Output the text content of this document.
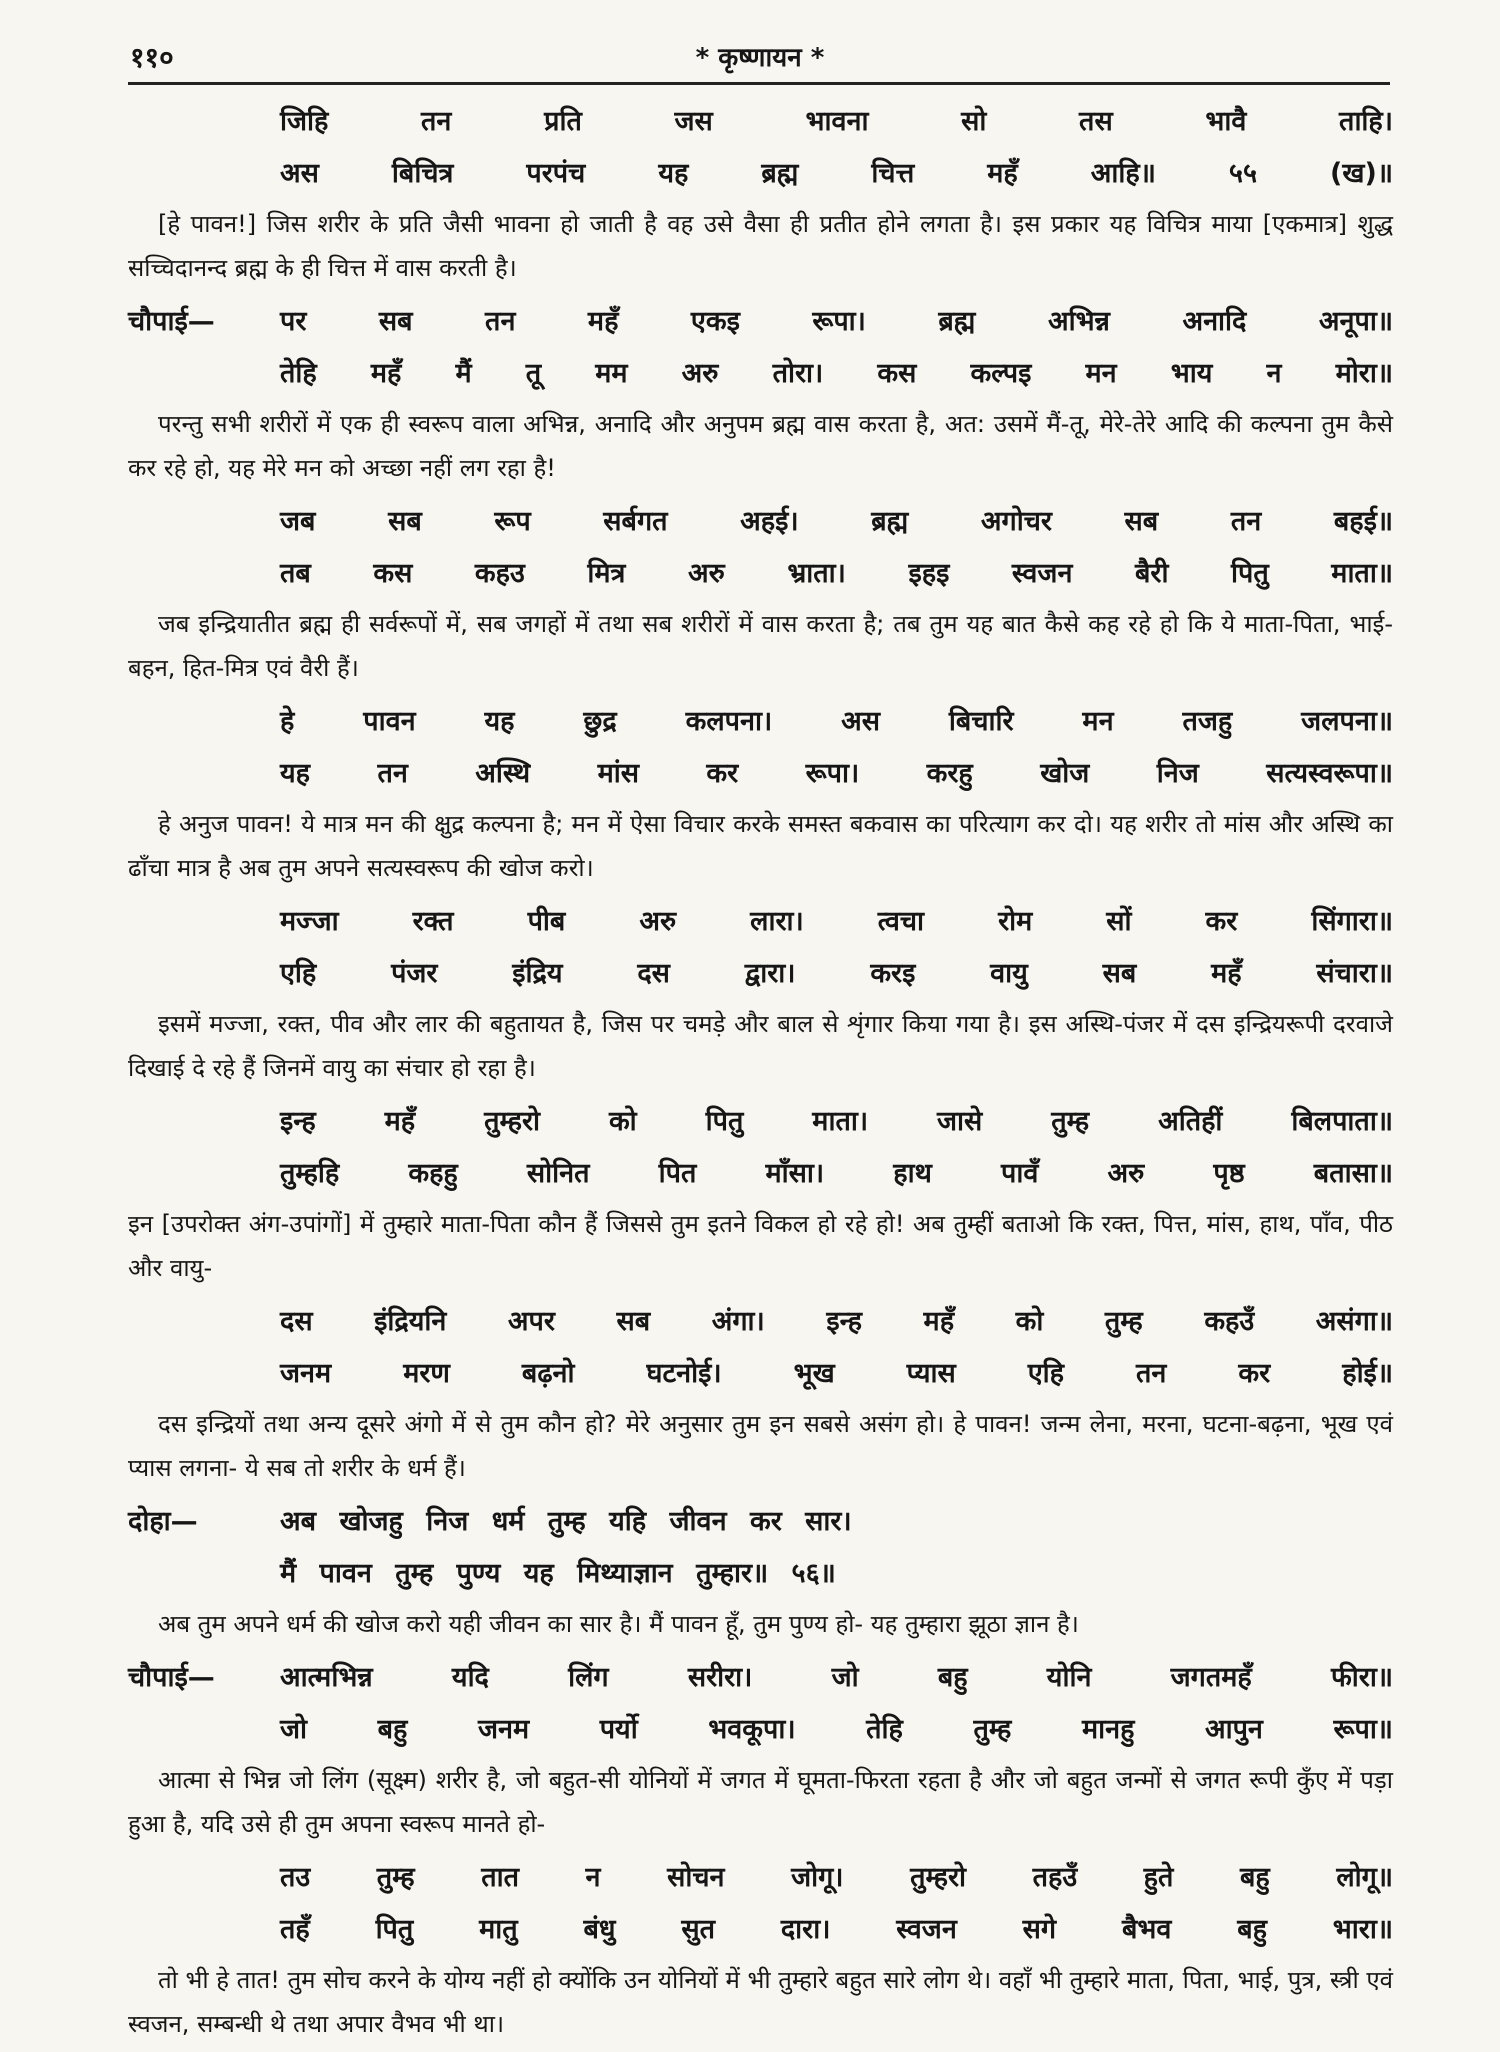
११०	* कृष्णायन *
जिहि तन प्रति जस भावना सो तस भावै ताहि।
अस बिचित्र परपंच यह ब्रह्म चित्त महँ आहि॥ ५५ (ख)॥

[हे पावन!] जिस शरीर के प्रति जैसी भावना हो जाती है वह उसे वैसा ही प्रतीत होने लगता है। इस प्रकार यह विचित्र माया [एकमात्र] शुद्ध सच्चिदानन्द ब्रह्म के ही चित्त में वास करती है।

चौपाई— पर सब तन महँ एकइ रूपा। ब्रह्म अभिन्न अनादि अनूपा॥
तेहि महँ मैं तू मम अरु तोरा। कस कल्पइ मन भाय न मोरा॥

परन्तु सभी शरीरों में एक ही स्वरूप वाला अभिन्न, अनादि और अनुपम ब्रह्म वास करता है, अत: उसमें मैं-तू, मेरे-तेरे आदि की कल्पना तुम कैसे कर रहे हो, यह मेरे मन को अच्छा नहीं लग रहा है!

जब सब रूप सर्बगत अहई। ब्रह्म अगोचर सब तन बहई॥
तब कस कहउ मित्र अरु भ्राता। इहइ स्वजन बैरी पितु माता॥

जब इन्द्रियातीत ब्रह्म ही सर्वरूपों में, सब जगहों में तथा सब शरीरों में वास करता है; तब तुम यह बात कैसे कह रहे हो कि ये माता-पिता, भाई-बहन, हित-मित्र एवं वैरी हैं।

हे पावन यह छुद्र कलपना। अस बिचारि मन तजहु जलपना॥
यह तन अस्थि मांस कर रूपा। करहु खोज निज सत्यस्वरूपा॥

हे अनुज पावन! ये मात्र मन की क्षुद्र कल्पना है; मन में ऐसा विचार करके समस्त बकवास का परित्याग कर दो। यह शरीर तो मांस और अस्थि का ढाँचा मात्र है अब तुम अपने सत्यस्वरूप की खोज करो।

मज्जा रक्त पीब अरु लारा। त्वचा रोम सों कर सिंगारा॥
एहि पंजर इंद्रिय दस द्वारा। करइ वायु सब महँ संचारा॥

इसमें मज्जा, रक्त, पीव और लार की बहुतायत है, जिस पर चमड़े और बाल से शृंगार किया गया है। इस अस्थि-पंजर में दस इन्द्रियरूपी दरवाजे दिखाई दे रहे हैं जिनमें वायु का संचार हो रहा है।

इन्ह महँ तुम्हरो को पितु माता। जासे तुम्ह अतिहीं बिलपाता॥
तुम्हहि कहहु सोनित पित माँसा। हाथ पावँ अरु पृष्ठ बतासा॥

इन [उपरोक्त अंग-उपांगों] में तुम्हारे माता-पिता कौन हैं जिससे तुम इतने विकल हो रहे हो! अब तुम्हीं बताओ कि रक्त, पित्त, मांस, हाथ, पाँव, पीठ और वायु-

दस इंद्रियनि अपर सब अंगा। इन्ह महँ को तुम्ह कहउँ असंगा॥
जनम मरण बढ़नो घटनोई। भूख प्यास एहि तन कर होई॥

दस इन्द्रियों तथा अन्य दूसरे अंगो में से तुम कौन हो? मेरे अनुसार तुम इन सबसे असंग हो। हे पावन! जन्म लेना, मरना, घटना-बढ़ना, भूख एवं प्यास लगना- ये सब तो शरीर के धर्म हैं।

दोहा—	अब खोजहु निज धर्म तुम्ह यहि जीवन कर सार।
मैं पावन तुम्ह पुण्य यह मिथ्याज्ञान तुम्हार॥ ५६॥

अब तुम अपने धर्म की खोज करो यही जीवन का सार है। मैं पावन हूँ, तुम पुण्य हो- यह तुम्हारा झूठा ज्ञान है।

चौपाई— आत्मभिन्न यदि लिंग सरीरा। जो बहु योनि जगतमहँ फीरा॥
जो बहु जनम पर्यो भवकूपा। तेहि तुम्ह मानहु आपुन रूपा॥

आत्मा से भिन्न जो लिंग (सूक्ष्म) शरीर है, जो बहुत-सी योनियों में जगत में घूमता-फिरता रहता है और जो बहुत जन्मों से जगत रूपी कुँए में पड़ा हुआ है, यदि उसे ही तुम अपना स्वरूप मानते हो-

तउ तुम्ह तात न सोचन जोगू। तुम्हरो तहउँ हुते बहु लोगू॥
तहँ पितु मातु बंधु सुत दारा। स्वजन सगे बैभव बहु भारा॥

तो भी हे तात! तुम सोच करने के योग्य नहीं हो क्योंकि उन योनियों में भी तुम्हारे बहुत सारे लोग थे। वहाँ भी तुम्हारे माता, पिता, भाई, पुत्र, स्त्री एवं स्वजन, सम्बन्धी थे तथा अपार वैभव भी था।
